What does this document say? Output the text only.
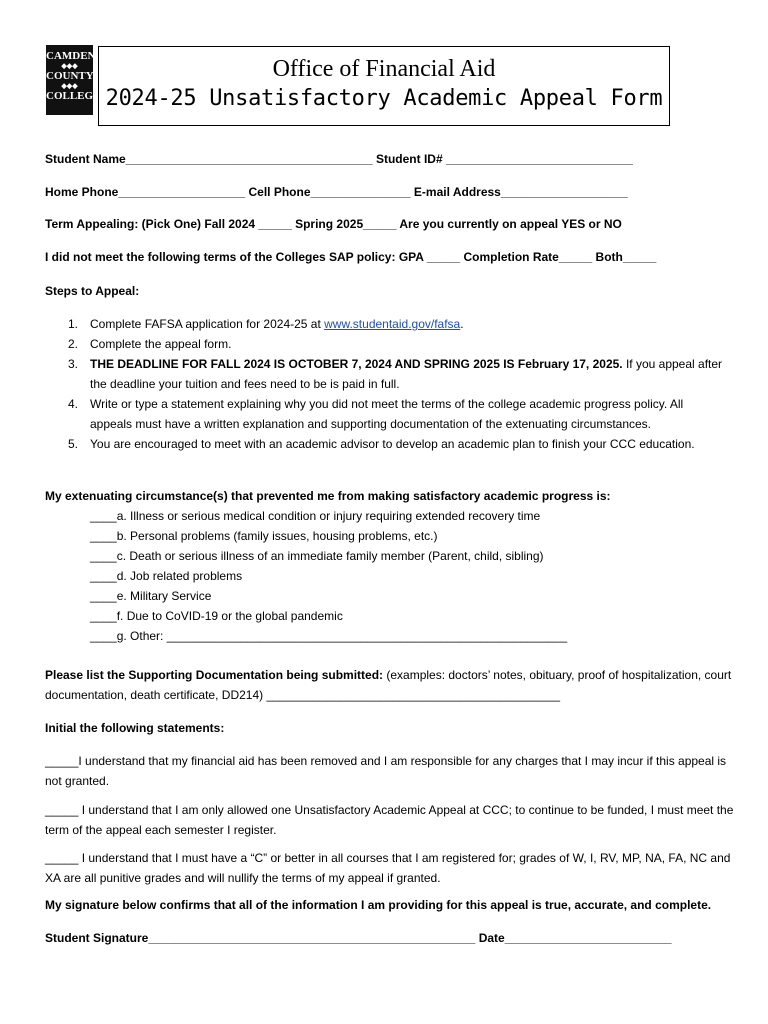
CAMDEN
◆◆◆
COUNTY
◆◆◆
COLLEGE
Office of Financial Aid
2024-25 Unsatisfactory Academic Appeal Form
Student Name_____________________________________ Student ID# ____________________________
Home Phone___________________ Cell Phone_______________ E-mail Address___________________
Term Appealing: (Pick One) Fall 2024 _____ Spring 2025_____ Are you currently on appeal YES or NO
I did not meet the following terms of the Colleges SAP policy: GPA _____ Completion Rate_____ Both_____
Steps to Appeal:
1. Complete FAFSA application for 2024-25 at www.studentaid.gov/fafsa.
2. Complete the appeal form.
3. THE DEADLINE FOR FALL 2024 IS OCTOBER 7, 2024 AND SPRING 2025 IS February 17, 2025. If you appeal after the deadline your tuition and fees need to be is paid in full.
4. Write or type a statement explaining why you did not meet the terms of the college academic progress policy. All appeals must have a written explanation and supporting documentation of the extenuating circumstances.
5. You are encouraged to meet with an academic advisor to develop an academic plan to finish your CCC education.
My extenuating circumstance(s) that prevented me from making satisfactory academic progress is:
____a. Illness or serious medical condition or injury requiring extended recovery time
____b. Personal problems (family issues, housing problems, etc.)
____c. Death or serious illness of an immediate family member (Parent, child, sibling)
____d. Job related problems
____e. Military Service
____f. Due to CoVID-19 or the global pandemic
____g. Other: ____________________________________________________________
Please list the Supporting Documentation being submitted: (examples: doctors’ notes, obituary, proof of hospitalization, court documentation, death certificate, DD214) ____________________________________________
Initial the following statements:
_____I understand that my financial aid has been removed and I am responsible for any charges that I may incur if this appeal is not granted.
_____ I understand that I am only allowed one Unsatisfactory Academic Appeal at CCC; to continue to be funded, I must meet the term of the appeal each semester I register.
_____ I understand that I must have a “C” or better in all courses that I am registered for; grades of W, I, RV, MP, NA, FA, NC and XA are all punitive grades and will nullify the terms of my appeal if granted.
My signature below confirms that all of the information I am providing for this appeal is true, accurate, and complete.
Student Signature_________________________________________________ Date_________________________
